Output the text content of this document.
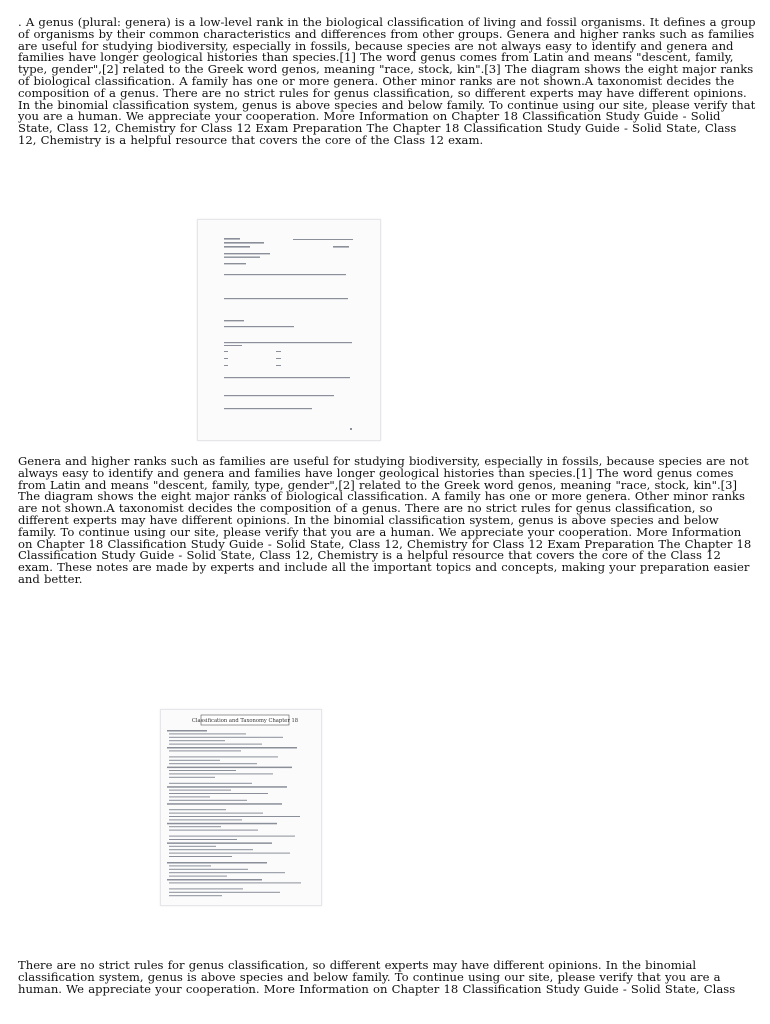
. A genus (plural: genera) is a low-level rank in the biological classification of living and fossil organisms. It defines a group of organisms by their common characteristics and differences from other groups. Genera and higher ranks such as families are useful for studying biodiversity, especially in fossils, because species are not always easy to identify and genera and families have longer geological histories than species.[1] The word genus comes from Latin and means "descent, family, type, gender",[2] related to the Greek word genos, meaning "race, stock, kin".[3] The diagram shows the eight major ranks of biological classification. A family has one or more genera. Other minor ranks are not shown.A taxonomist decides the composition of a genus. There are no strict rules for genus classification, so different experts may have different opinions. In the binomial classification system, genus is above species and below family. To continue using our site, please verify that you are a human. We appreciate your cooperation. More Information on Chapter 18 Classification Study Guide - Solid State, Class 12, Chemistry for Class 12 Exam Preparation The Chapter 18 Classification Study Guide - Solid State, Class 12, Chemistry is a helpful resource that covers the core of the Class 12 exam.

Genera and higher ranks such as families are useful for studying biodiversity, especially in fossils, because species are not always easy to identify and genera and families have longer geological histories than species.[1] The word genus comes from Latin and means "descent, family, type, gender",[2] related to the Greek word genos, meaning "race, stock, kin".[3] The diagram shows the eight major ranks of biological classification. A family has one or more genera. Other minor ranks are not shown.A taxonomist decides the composition of a genus. There are no strict rules for genus classification, so different experts may have different opinions. In the binomial classification system, genus is above species and below family. To continue using our site, please verify that you are a human. We appreciate your cooperation. More Information on Chapter 18 Classification Study Guide - Solid State, Class 12, Chemistry for Class 12 Exam Preparation The Chapter 18 Classification Study Guide - Solid State, Class 12, Chemistry is a helpful resource that covers the core of the Class 12 exam. These notes are made by experts and include all the important topics and concepts, making your preparation easier and better.

Classification and Taxonomy Chapter 18

There are no strict rules for genus classification, so different experts may have different opinions. In the binomial classification system, genus is above species and below family. To continue using our site, please verify that you are a human. We appreciate your cooperation. More Information on Chapter 18 Classification Study Guide - Solid State, Class
